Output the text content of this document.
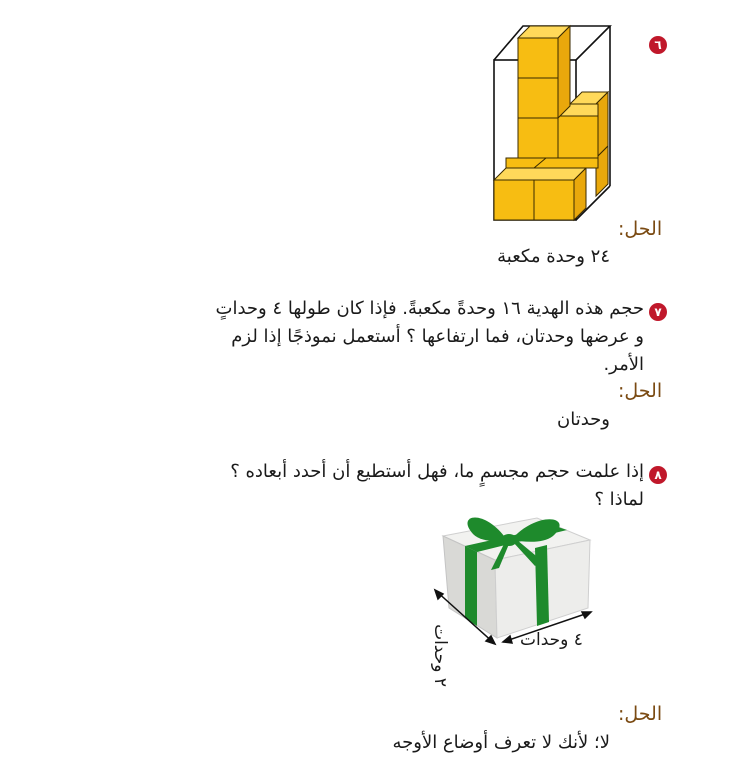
٦
الحل:
٢٤ وحدة مكعبة
٧
حجم هذه الهدية ١٦ وحدةً مكعبةً. فإذا كان طولها ٤ وحداتٍ
و عرضها وحدتان، فما ارتفاعها ؟ أستعمل نموذجًا إذا لزم
الأمر.
الحل:
وحدتان
٨
إذا علمت حجم مجسمٍ ما، فهل أستطيع أن أحدد أبعاده ؟
لماذا ؟
٤ وحدات
٢ وحدات
الحل:
لا؛ لأنك لا تعرف أوضاع الأوجه
